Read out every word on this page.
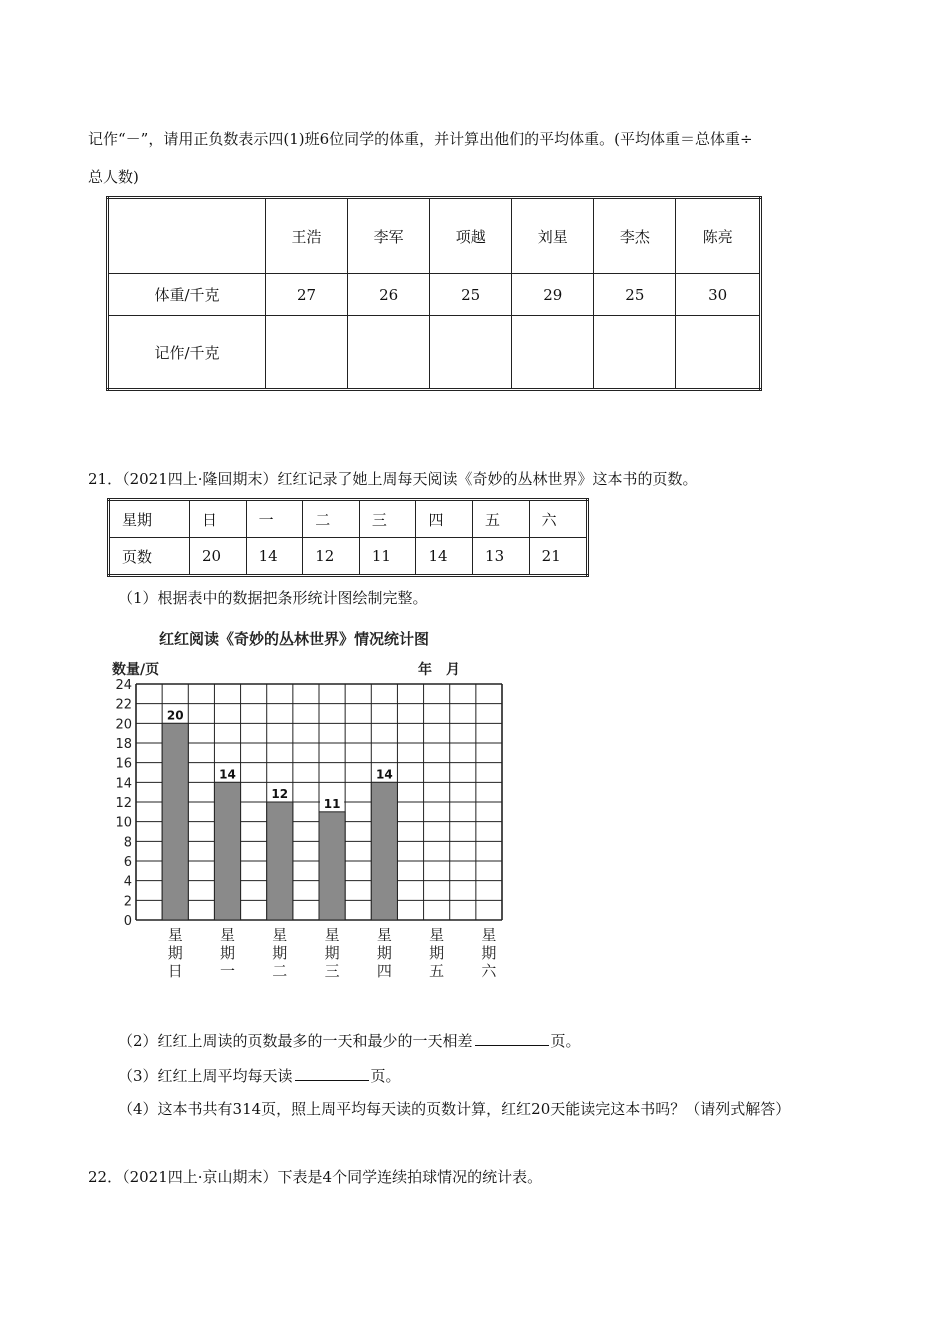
记作“－”，请用正负数表示四(1)班6位同学的体重，并计算出他们的平均体重。(平均体重＝总体重÷
总人数)
	王浩	李军	项越	刘星	李杰	陈亮
体重/千克	27	26	25	29	25	30
记作/千克						
21．（2021四上·隆回期末）红红记录了她上周每天阅读《奇妙的丛林世界》这本书的页数。
星期	日	一	二	三	四	五	六
页数	20	14	12	11	14	13	21
（1）根据表中的数据把条形统计图绘制完整。
红红阅读《奇妙的丛林世界》情况统计图
数量/页	年　月
20
14
12
11
14
0
2
4
6
8
10
12
14
16
18
20
22
24
星
期
日
星
期
一
星
期
二
星
期
三
星
期
四
星
期
五
星
期
六
（2）红红上周读的页数最多的一天和最少的一天相差	页。
（3）红红上周平均每天读	页。
（4）这本书共有314页，照上周平均每天读的页数计算，红红20天能读完这本书吗？（请列式解答）
22．（2021四上·京山期末）下表是4个同学连续拍球情况的统计表。
